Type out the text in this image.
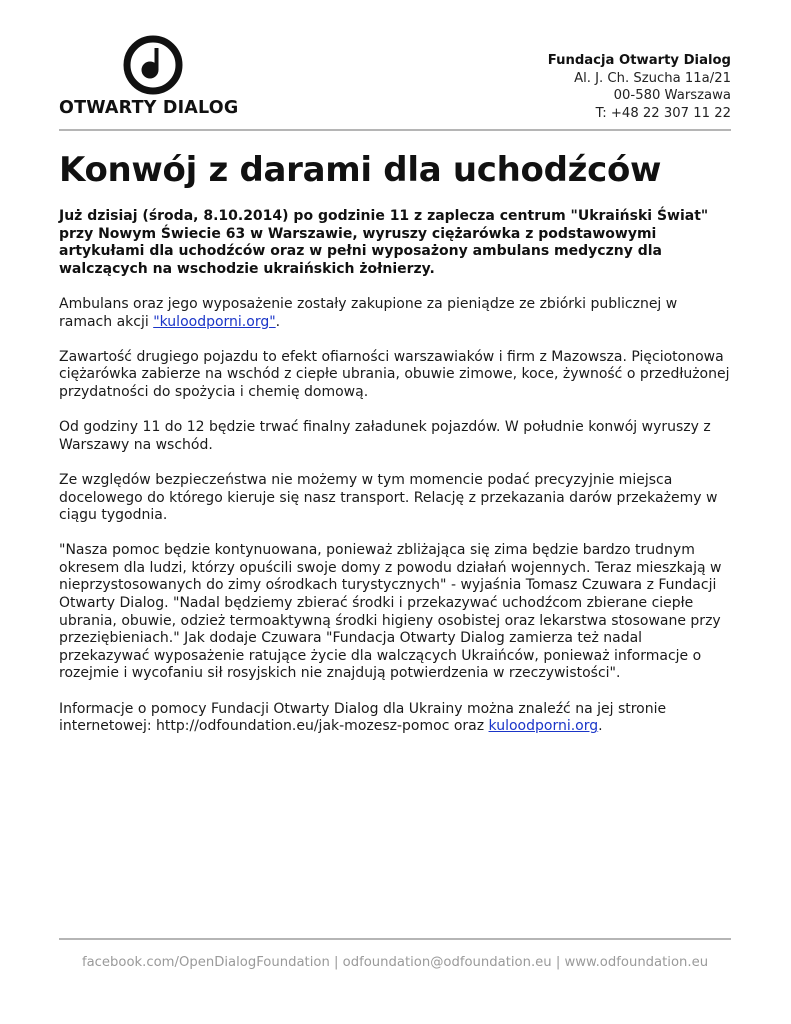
OTWARTY DIALOG
Fundacja Otwarty Dialog
Al. J. Ch. Szucha 11a/21
00-580 Warszawa
T: +48 22 307 11 22
Konwój z darami dla uchodźców

Już dzisiaj (środa, 8.10.2014) po godzinie 11 z zaplecza centrum "Ukraiński Świat" przy Nowym Świecie 63 w Warszawie, wyruszy ciężarówka z podstawowymi artykułami dla uchodźców oraz w pełni wyposażony ambulans medyczny dla walczących na wschodzie ukraińskich żołnierzy.

Ambulans oraz jego wyposażenie zostały zakupione za pieniądze ze zbiórki publicznej w ramach akcji "kuloodporni.org".

Zawartość drugiego pojazdu to efekt ofiarności warszawiaków i firm z Mazowsza. Pięciotonowa ciężarówka zabierze na wschód z ciepłe ubrania, obuwie zimowe, koce, żywność o przedłużonej przydatności do spożycia i chemię domową.

Od godziny 11 do 12 będzie trwać finalny załadunek pojazdów. W południe konwój wyruszy z Warszawy na wschód.

Ze względów bezpieczeństwa nie możemy w tym momencie podać precyzyjnie miejsca docelowego do którego kieruje się nasz transport. Relację z przekazania darów przekażemy w ciągu tygodnia.

"Nasza pomoc będzie kontynuowana, ponieważ zbliżająca się zima będzie bardzo trudnym okresem dla ludzi, którzy opuścili swoje domy z powodu działań wojennych. Teraz mieszkają w nieprzystosowanych do zimy ośrodkach turystycznych" - wyjaśnia Tomasz Czuwara z Fundacji Otwarty Dialog. "Nadal będziemy zbierać środki i przekazywać uchodźcom zbierane ciepłe ubrania, obuwie, odzież termoaktywną środki higieny osobistej oraz lekarstwa stosowane przy przeziębieniach." Jak dodaje Czuwara "Fundacja Otwarty Dialog zamierza też nadal przekazywać wyposażenie ratujące życie dla walczących Ukraińców, ponieważ informacje o rozejmie i wycofaniu sił rosyjskich nie znajdują potwierdzenia w rzeczywistości".

Informacje o pomocy Fundacji Otwarty Dialog dla Ukrainy można znaleźć na jej stronie internetowej: http://odfoundation.eu/jak-mozesz-pomoc oraz kuloodporni.org.

facebook.com/OpenDialogFoundation | odfoundation@odfoundation.eu | www.odfoundation.eu
